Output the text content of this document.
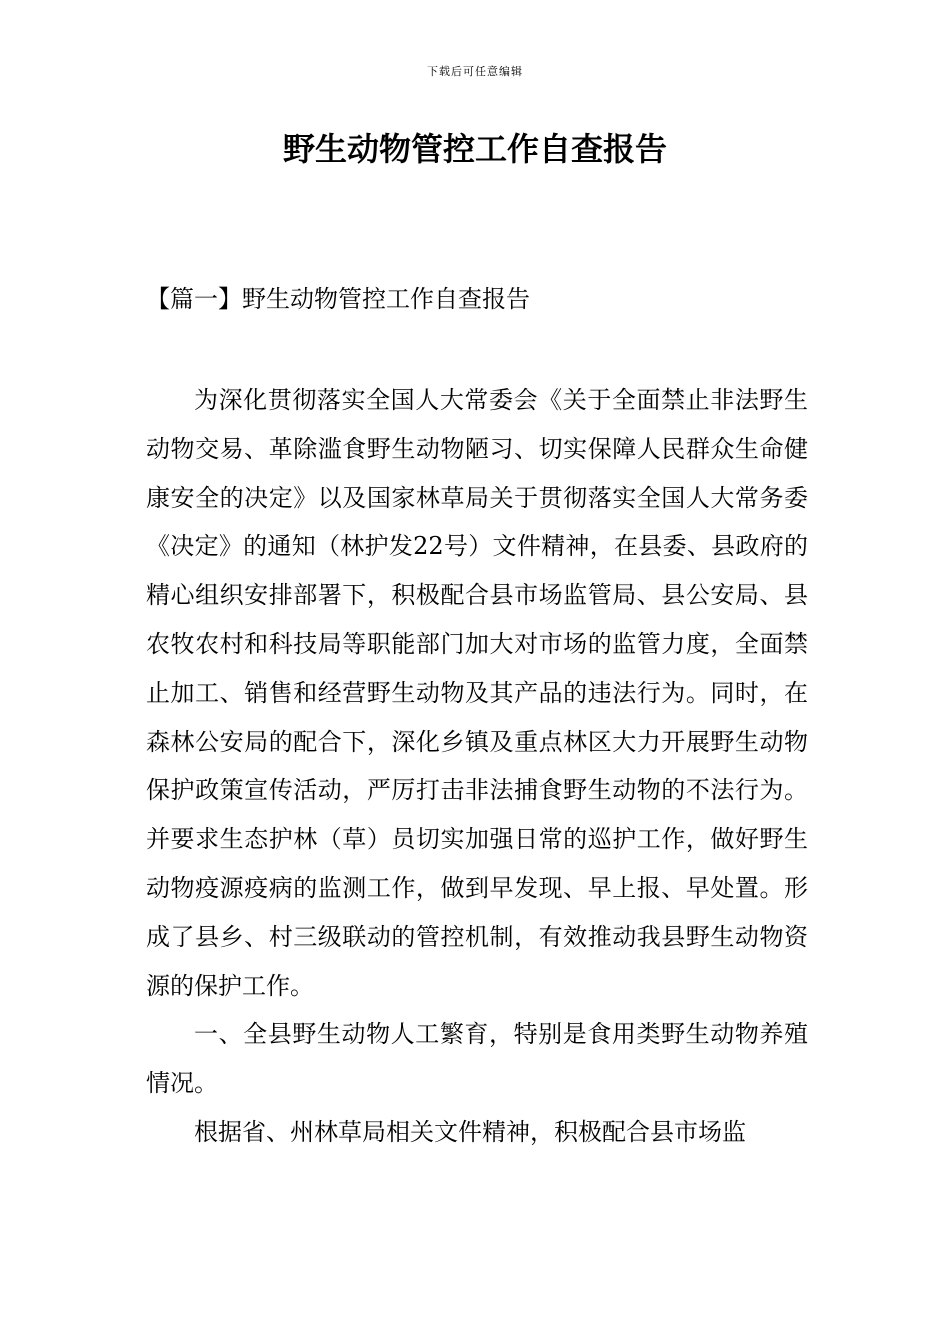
下载后可任意编辑
野生动物管控工作自查报告
【篇一】野生动物管控工作自查报告

为深化贯彻落实全国人大常委会《关于全面禁止非法野生动物交易、革除滥食野生动物陋习、切实保障人民群众生命健康安全的决定》以及国家林草局关于贯彻落实全国人大常务委《决定》的通知（林护发22号）文件精神，在县委、县政府的精心组织安排部署下，积极配合县市场监管局、县公安局、县农牧农村和科技局等职能部门加大对市场的监管力度，全面禁止加工、销售和经营野生动物及其产品的违法行为。同时，在森林公安局的配合下，深化乡镇及重点林区大力开展野生动物保护政策宣传活动，严厉打击非法捕食野生动物的不法行为。并要求生态护林（草）员切实加强日常的巡护工作，做好野生动物疫源疫病的监测工作，做到早发现、早上报、早处置。形成了县乡、村三级联动的管控机制，有效推动我县野生动物资源的保护工作。

一、全县野生动物人工繁育，特别是食用类野生动物养殖情况。

根据省、州林草局相关文件精神，积极配合县市场监
